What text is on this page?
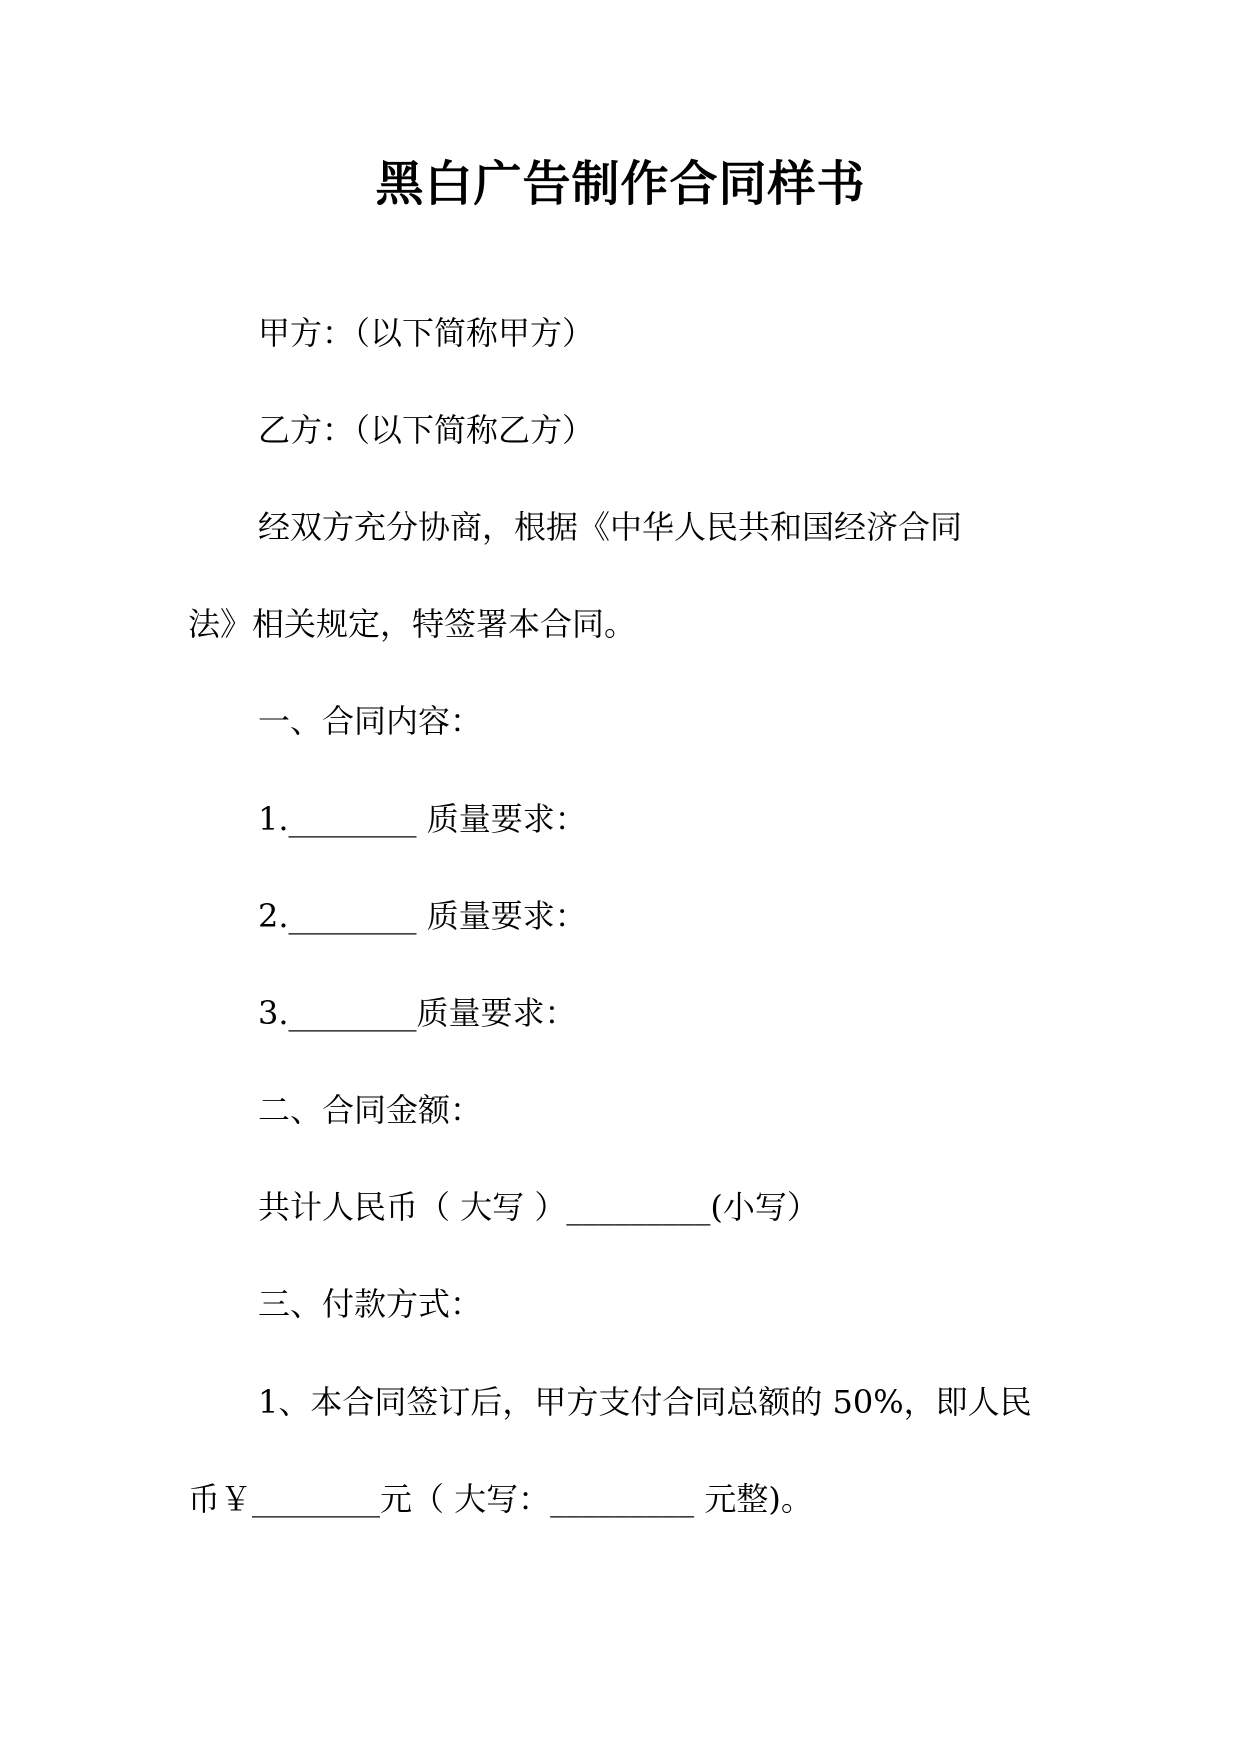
黑白广告制作合同样书
甲方：（以下简称甲方）
乙方：（以下简称乙方）
经双方充分协商，根据《中华人民共和国经济合同
法》相关规定，特签署本合同。
一、合同内容：
1.________ 质量要求：
2.________ 质量要求：
3.________质量要求：
二、合同金额：
共计人民币（ 大写 ）_________(小写）
三、付款方式：
1、本合同签订后，甲方支付合同总额的 50%，即人民
币￥________元（ 大写：_________ 元整)。
